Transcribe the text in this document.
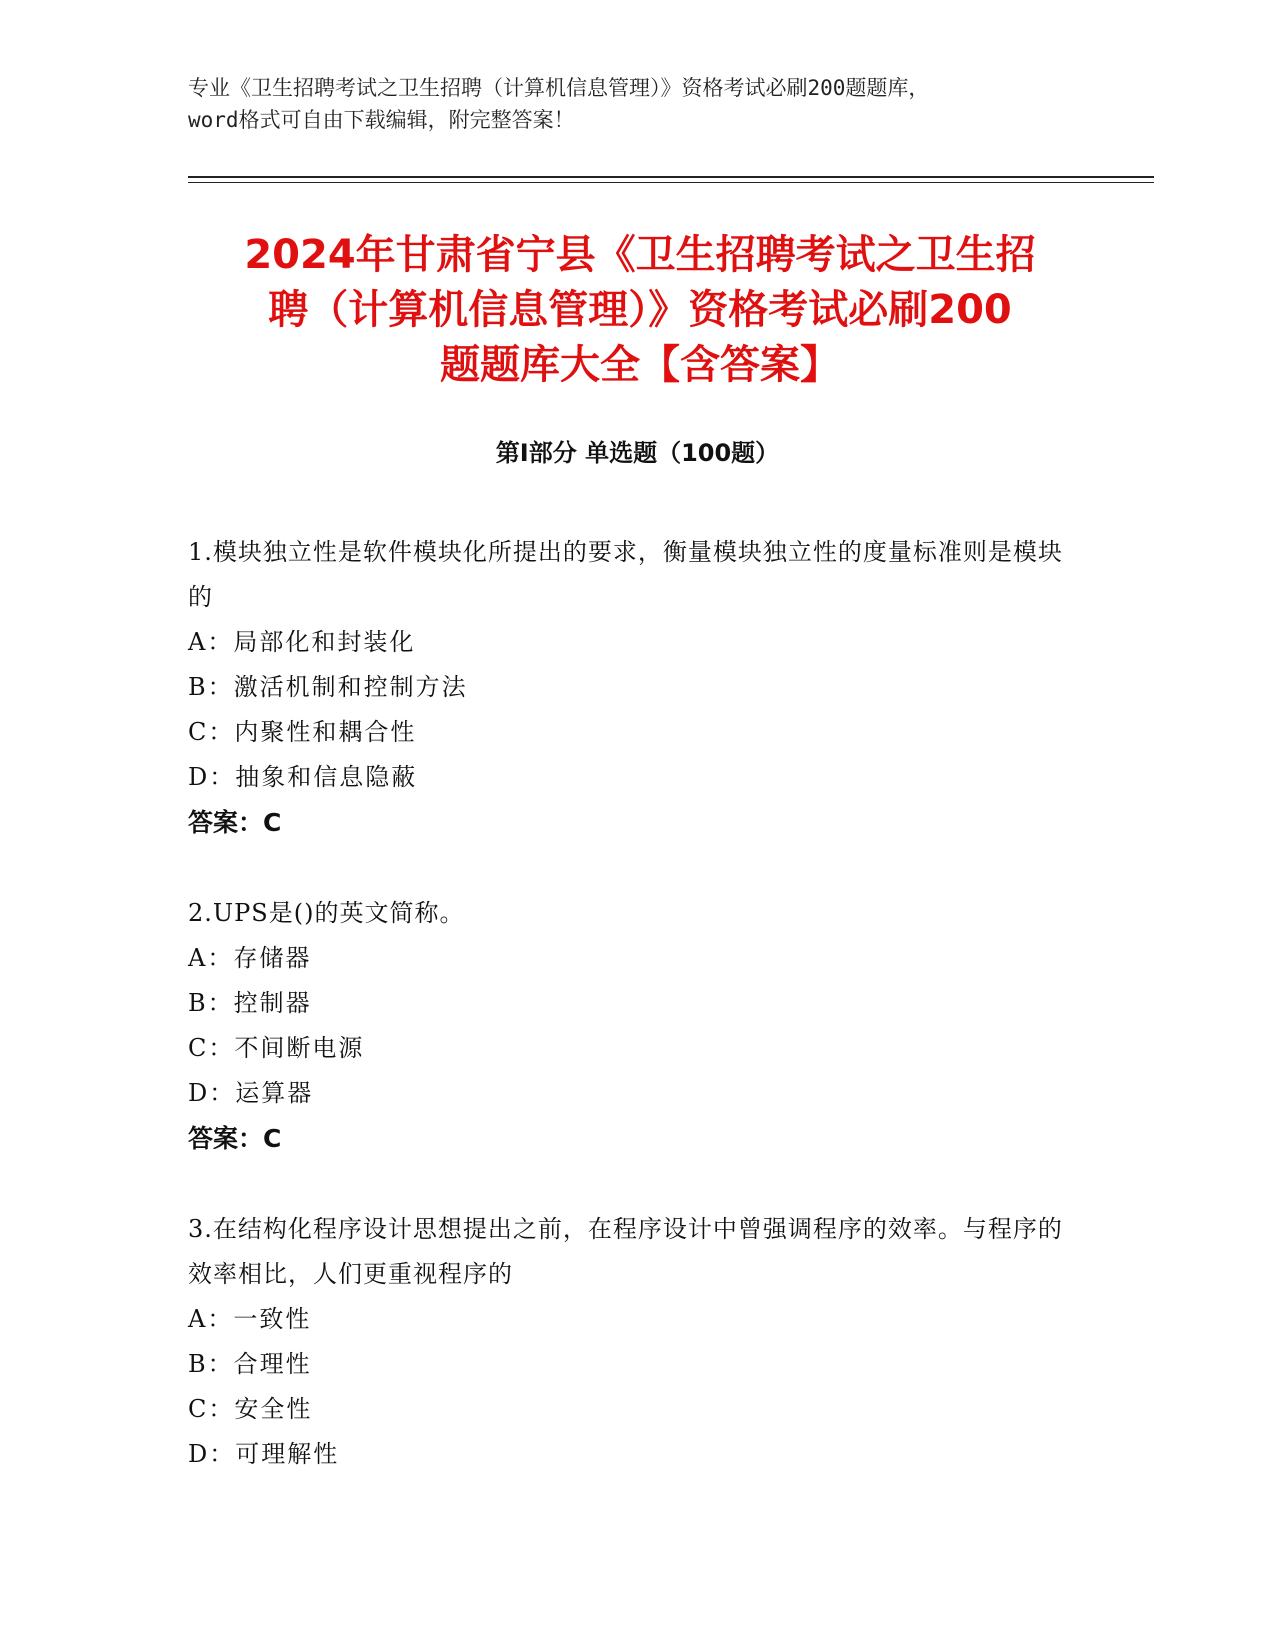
专业《卫生招聘考试之卫生招聘（计算机信息管理）》资格考试必刷200题题库，
word格式可自由下载编辑，附完整答案！
2024年甘肃省宁县《卫生招聘考试之卫生招
聘（计算机信息管理）》资格考试必刷200
题题库大全【含答案】
第I部分 单选题（100题）

1.模块独立性是软件模块化所提出的要求，衡量模块独立性的度量标准则是模块的

A：局部化和封装化

B：激活机制和控制方法

C：内聚性和耦合性

D：抽象和信息隐蔽

答案：C

2.UPS是()的英文简称。

A：存储器

B：控制器

C：不间断电源

D：运算器

答案：C

3.在结构化程序设计思想提出之前，在程序设计中曾强调程序的效率。与程序的效率相比，人们更重视程序的

A：一致性

B：合理性

C：安全性

D：可理解性
